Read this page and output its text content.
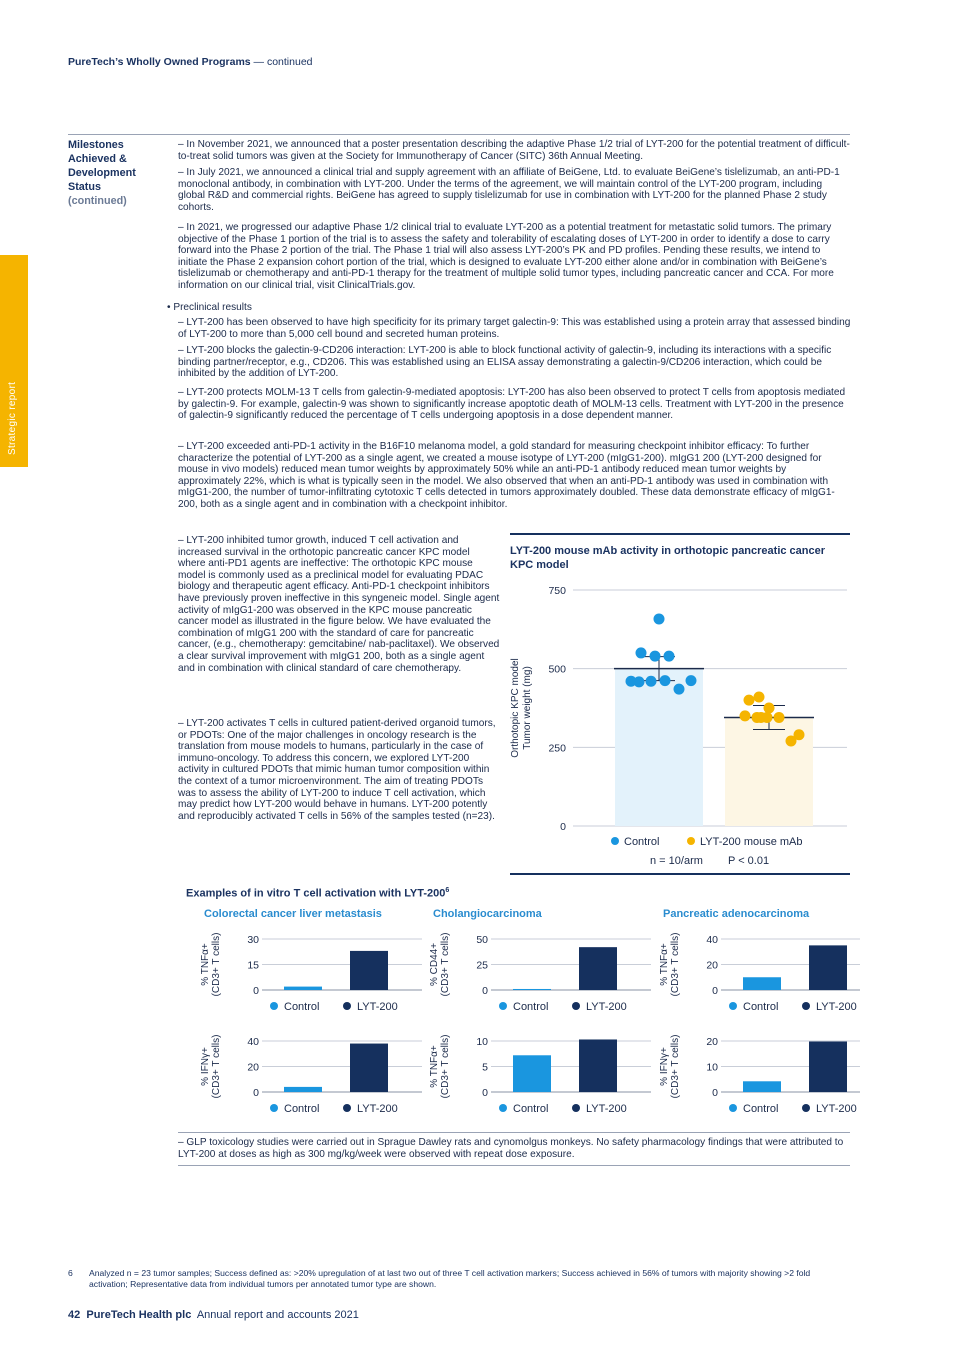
PureTech’s Wholly Owned Programs — continued
Strategic report
Milestones
Achieved &
Development
Status
(continued)
– In November 2021, we announced that a poster presentation describing the adaptive Phase 1/2 trial of LYT-200 for the potential treatment of difficult-to-treat solid tumors was given at the Society for Immunotherapy of Cancer (SITC) 36th Annual Meeting.
– In July 2021, we announced a clinical trial and supply agreement with an affiliate of BeiGene, Ltd. to evaluate BeiGene’s tislelizumab, an anti-PD-1 monoclonal antibody, in combination with LYT-200. Under the terms of the agreement, we will maintain control of the LYT-200 program, including global R&D and commercial rights. BeiGene has agreed to supply tislelizumab for use in combination with LYT-200 for the planned Phase 2 study cohorts.
– In 2021, we progressed our adaptive Phase 1/2 clinical trial to evaluate LYT-200 as a potential treatment for metastatic solid tumors. The primary objective of the Phase 1 portion of the trial is to assess the safety and tolerability of escalating doses of LYT-200 in order to identify a dose to carry forward into the Phase 2 portion of the trial. The Phase 1 trial will also assess LYT-200’s PK and PD profiles. Pending these results, we intend to initiate the Phase 2 expansion cohort portion of the trial, which is designed to evaluate LYT-200 either alone and/or in combination with BeiGene’s tislelizumab or chemotherapy and anti-PD-1 therapy for the treatment of multiple solid tumor types, including pancreatic cancer and CCA. For more information on our clinical trial, visit ClinicalTrials.gov.
• Preclinical results
– LYT-200 has been observed to have high specificity for its primary target galectin-9: This was established using a protein array that assessed binding of LYT-200 to more than 5,000 cell bound and secreted human proteins.
– LYT-200 blocks the galectin-9-CD206 interaction: LYT-200 is able to block functional activity of galectin-9, including its interactions with a specific binding partner/receptor, e.g., CD206. This was established using an ELISA assay demonstrating a galectin-9/CD206 interaction, which could be inhibited by the addition of LYT-200.
– LYT-200 protects MOLM-13 T cells from galectin-9-mediated apoptosis: LYT-200 has also been observed to protect T cells from apoptosis mediated by galectin-9. For example, galectin-9 was shown to significantly increase apoptotic death of MOLM-13 cells. Treatment with LYT-200 in the presence of galectin-9 significantly reduced the percentage of T cells undergoing apoptosis in a dose dependent manner.
– LYT-200 exceeded anti-PD-1 activity in the B16F10 melanoma model, a gold standard for measuring checkpoint inhibitor efficacy: To further characterize the potential of LYT-200 as a single agent, we created a mouse isotype of LYT-200 (mIgG1-200). mIgG1 200 (LYT-200 designed for mouse in vivo models) reduced mean tumor weights by approximately 50% while an anti-PD-1 antibody reduced mean tumor weights by approximately 22%, which is what is typically seen in the model. We also observed that when an anti-PD-1 antibody was used in combination with mIgG1-200, the number of tumor-infiltrating cytotoxic T cells detected in tumors approximately doubled. These data demonstrate efficacy of mIgG1-200, both as a single agent and in combination with a checkpoint inhibitor.
– LYT-200 inhibited tumor growth, induced T cell activation and increased survival in the orthotopic pancreatic cancer KPC model where anti-PD1 agents are ineffective: The orthotopic KPC mouse model is commonly used as a preclinical model for evaluating PDAC biology and therapeutic agent efficacy. Anti-PD-1 checkpoint inhibitors have previously proven ineffective in this syngeneic model. Single agent activity of mIgG1-200 was observed in the KPC mouse pancreatic cancer model as illustrated in the figure below. We have evaluated the combination of mIgG1 200 with the standard of care for pancreatic cancer, (e.g., chemotherapy: gemcitabine/ nab-paclitaxel). We observed a clear survival improvement with mIgG1 200, both as a single agent and in combination with clinical standard of care chemotherapy.
– LYT-200 activates T cells in cultured patient-derived organoid tumors, or PDOTs: One of the major challenges in oncology research is the translation from mouse models to humans, particularly in the case of immuno-oncology. To address this concern, we explored LYT-200 activity in cultured PDOTs that mimic human tumor composition within the context of a tumor microenvironment. The aim of treating PDOTs was to assess the ability of LYT-200 to induce T cell activation, which may predict how LYT-200 would behave in humans. LYT-200 potently and reproducibly activated T cells in 56% of the samples tested (n=23).
LYT-200 mouse mAb activity in orthotopic pancreatic cancer KPC model
750
500
250
0
Orthotopic KPC modelTumor weight (mg)
Control	LYT-200 mouse mAb
n = 10/arm P < 0.01
Examples of in vitro T cell activation with LYT-$200^6$
Colorectal cancer liver metastasis
30
15
0
% TNFα+(CD3+ T cells)
Control	LYT-200
Cholangiocarcinoma
50
25
0
% CD44+(CD3+ T cells)
Control	LYT-200
Pancreatic adenocarcinoma
40
20
0
% TNFα+(CD3+ T cells)
Control	LYT-200
40
20
0
% IFNγ+(CD3+ T cells)
Control	LYT-200
10
5
0
% TNFα+(CD3+ T cells)
Control	LYT-200
20
10
0
% IFNγ+(CD3+ T cells)
Control	LYT-200
– GLP toxicology studies were carried out in Sprague Dawley rats and cynomolgus monkeys. No safety pharmacology findings that were attributed to LYT-200 at doses as high as 300 mg/kg/week were observed with repeat dose exposure.
6 Analyzed n = 23 tumor samples; Success defined as: >20% upregulation of at last two out of three T cell activation markers; Success achieved in 56% of tumors with majority showing >2 fold activation; Representative data from individual tumors per annotated tumor type are shown.
42 PureTech Health plc Annual report and accounts 2021
